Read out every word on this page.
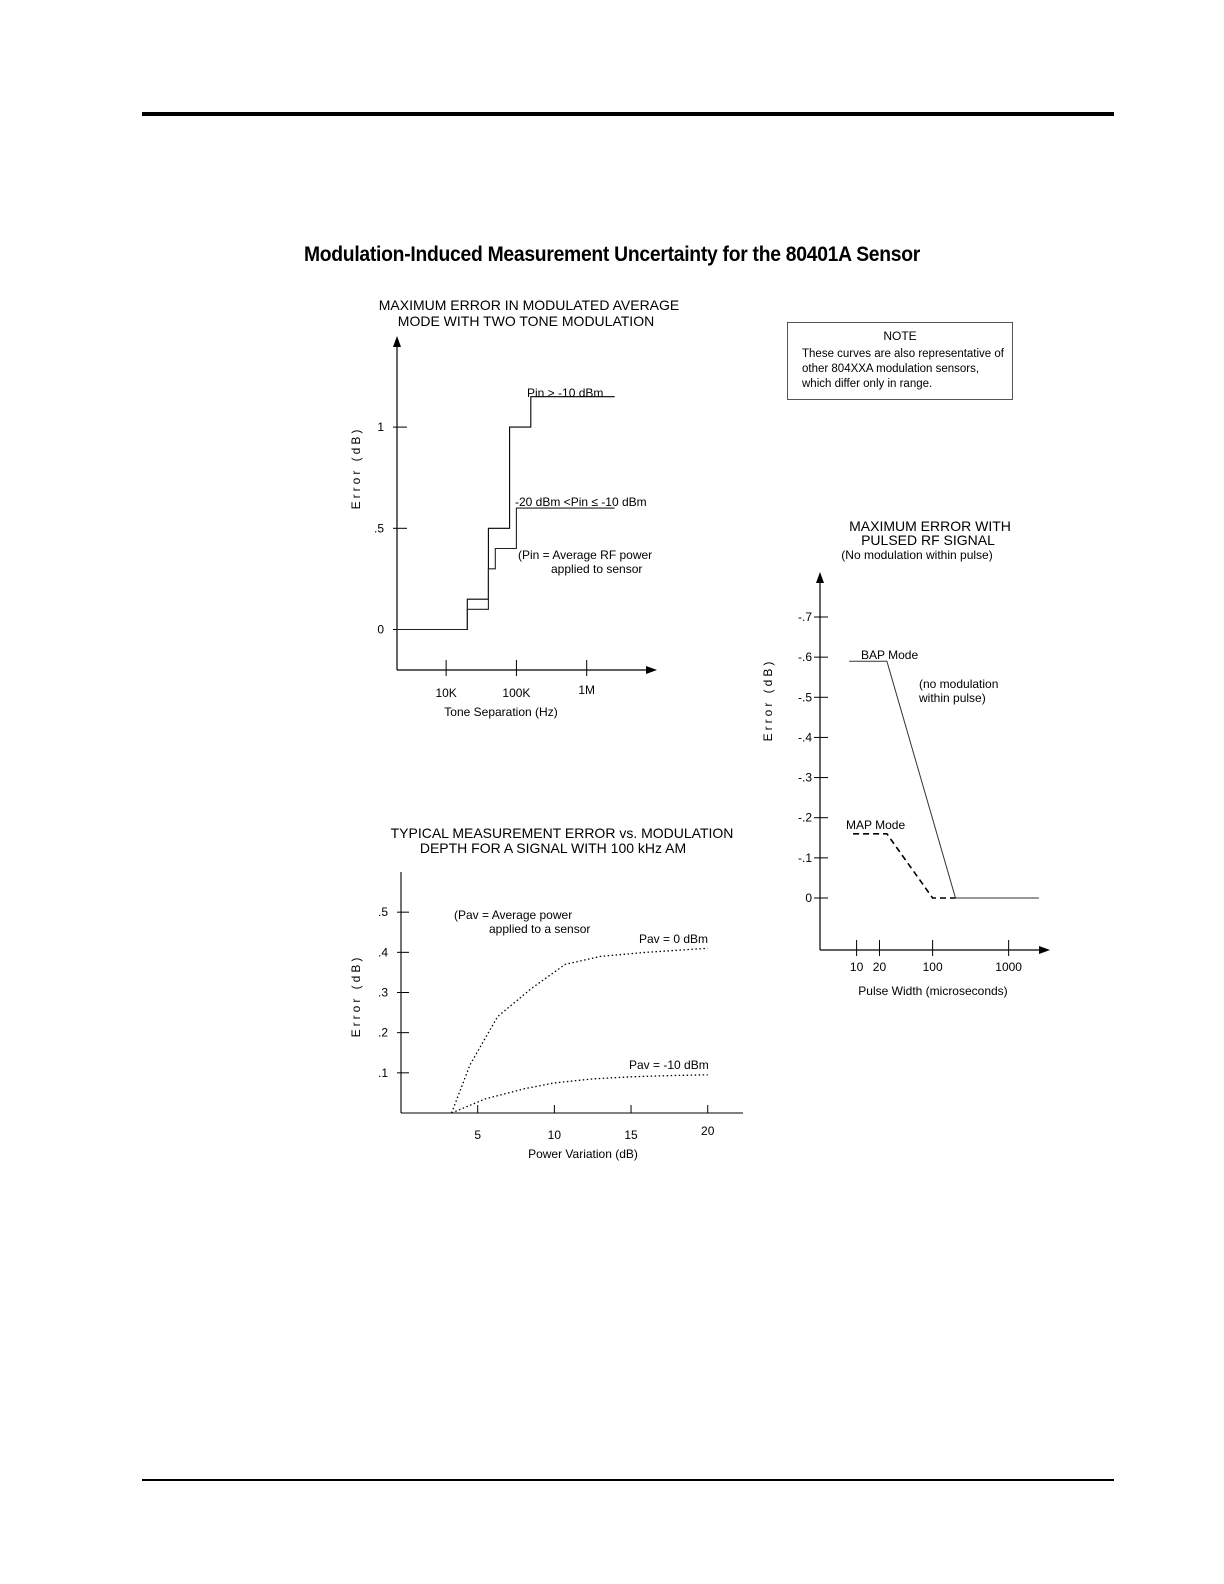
Modulation-Induced Measurement Uncertainty for the 80401A Sensor
NOTE
These curves are also representative of other 804XXA modulation sensors, which differ only in range.
MAXIMUM ERROR IN MODULATED AVERAGE
MODE WITH TWO TONE MODULATION
0
.5
1
10K	100K	1M
Tone Separation (Hz)
Error (dB)
Pin > -10 dBm
-20 dBm <Pin ≤ -10 dBm
(Pin = Average RF power
applied to sensor
MAXIMUM ERROR WITH
PULSED RF SIGNAL
(No modulation within pulse)
0
-.1
-.2
-.3
-.4
-.5
-.6
-.7
10 20	100	1000
Pulse Width (microseconds)
Error (dB)
BAP Mode
MAP Mode
(no modulation
within pulse)
TYPICAL MEASUREMENT ERROR vs. MODULATION
DEPTH FOR A SIGNAL WITH 100 kHz AM
.1
.2
.3
.4
.5
5	10	15	20
Power Variation (dB)
Error (dB)
Pav = 0 dBm
Pav = -10 dBm
(Pav = Average power
applied to a sensor
